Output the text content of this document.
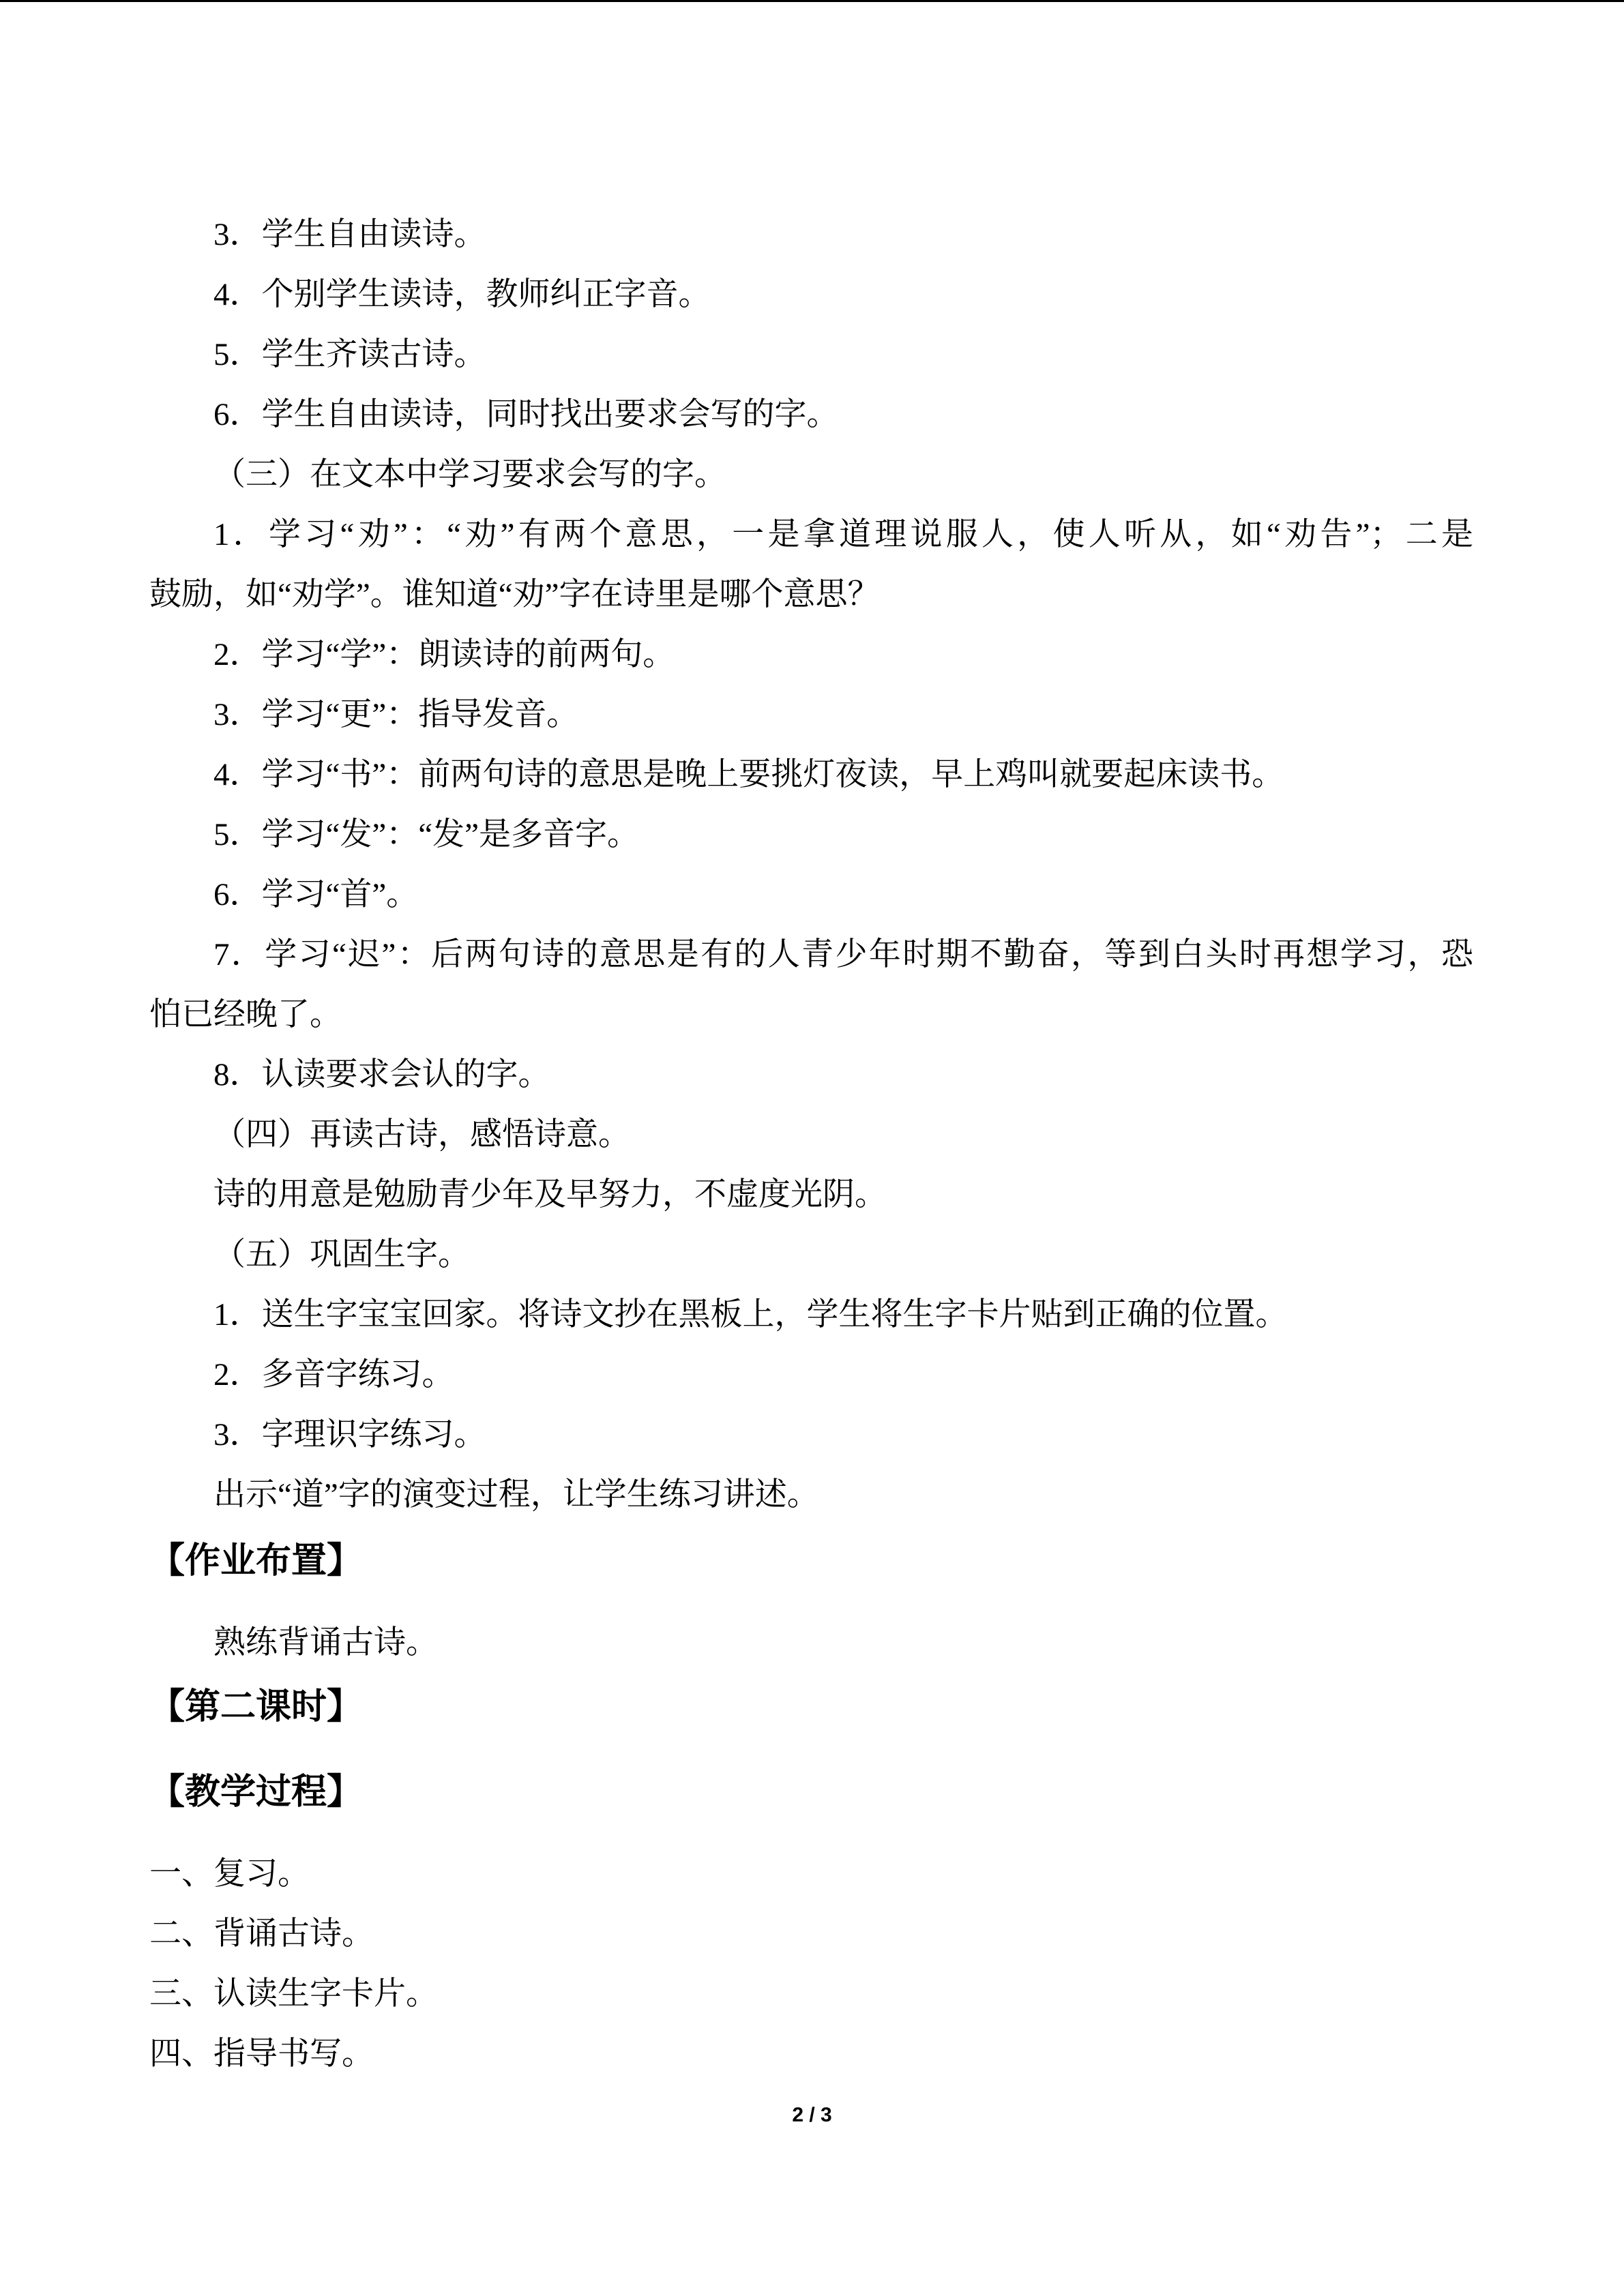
3．学生自由读诗。
4．个别学生读诗，教师纠正字音。
5．学生齐读古诗。
6．学生自由读诗，同时找出要求会写的字。
（三）在文本中学习要求会写的字。
1．学习“劝”：“劝”有两个意思，一是拿道理说服人，使人听从，如“劝告”；二是
鼓励，如“劝学”。谁知道“劝”字在诗里是哪个意思？
2．学习“学”：朗读诗的前两句。
3．学习“更”：指导发音。
4．学习“书”：前两句诗的意思是晚上要挑灯夜读，早上鸡叫就要起床读书。
5．学习“发”：“发”是多音字。
6．学习“首”。
7．学习“迟”：后两句诗的意思是有的人青少年时期不勤奋，等到白头时再想学习，恐
怕已经晚了。
8．认读要求会认的字。
（四）再读古诗，感悟诗意。
诗的用意是勉励青少年及早努力，不虚度光阴。
（五）巩固生字。
1．送生字宝宝回家。将诗文抄在黑板上，学生将生字卡片贴到正确的位置。
2．多音字练习。
3．字理识字练习。
出示“道”字的演变过程，让学生练习讲述。
【作业布置】
熟练背诵古诗。
【第二课时】
【教学过程】
一、复习。
二、背诵古诗。
三、认读生字卡片。
四、指导书写。
2 / 3
